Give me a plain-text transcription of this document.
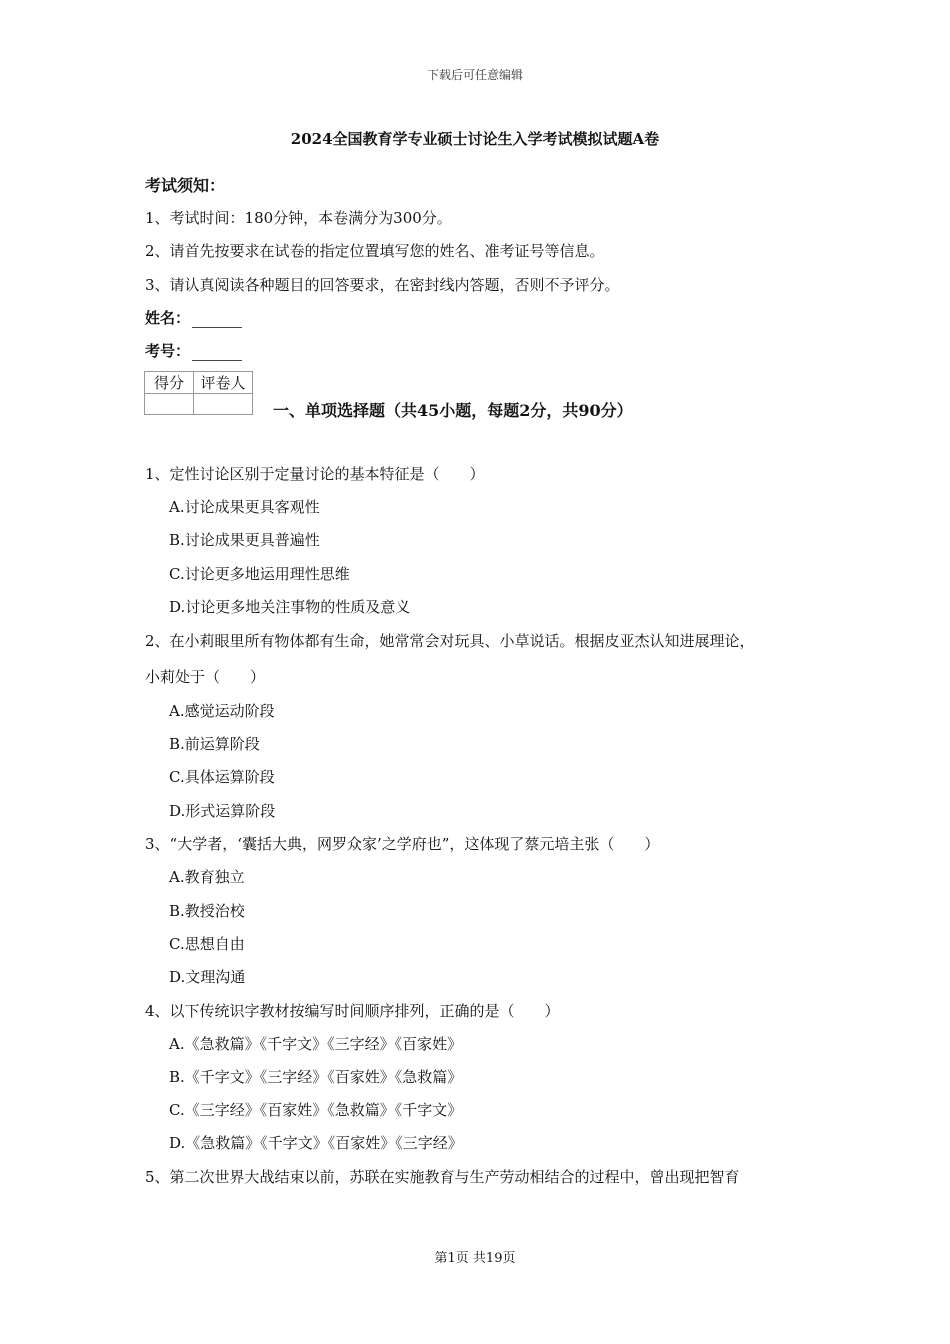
下载后可任意编辑
2024全国教育学专业硕士讨论生入学考试模拟试题A卷
考试须知：
1、考试时间：180分钟，本卷满分为300分。
2、请首先按要求在试卷的指定位置填写您的姓名、准考证号等信息。
3、请认真阅读各种题目的回答要求，在密封线内答题，否则不予评分。
姓名：
考号：
得分	评卷人

一、单项选择题（共45小题，每题2分，共90分）
1、定性讨论区别于定量讨论的基本特征是（　　）
A.讨论成果更具客观性
B.讨论成果更具普遍性
C.讨论更多地运用理性思维
D.讨论更多地关注事物的性质及意义
2、在小莉眼里所有物体都有生命，她常常会对玩具、小草说话。根据皮亚杰认知进展理论，
小莉处于（　　）
A.感觉运动阶段
B.前运算阶段
C.具体运算阶段
D.形式运算阶段
3、“大学者，‘囊括大典，网罗众家’之学府也”，这体现了蔡元培主张（　　）
A.教育独立
B.教授治校
C.思想自由
D.文理沟通
4、以下传统识字教材按编写时间顺序排列，正确的是（　　）
A.《急救篇》《千字文》《三字经》《百家姓》
B.《千字文》《三字经》《百家姓》《急救篇》
C.《三字经》《百家姓》《急救篇》《千字文》
D.《急救篇》《千字文》《百家姓》《三字经》
5、第二次世界大战结束以前，苏联在实施教育与生产劳动相结合的过程中，曾出现把智育
第1页 共19页
